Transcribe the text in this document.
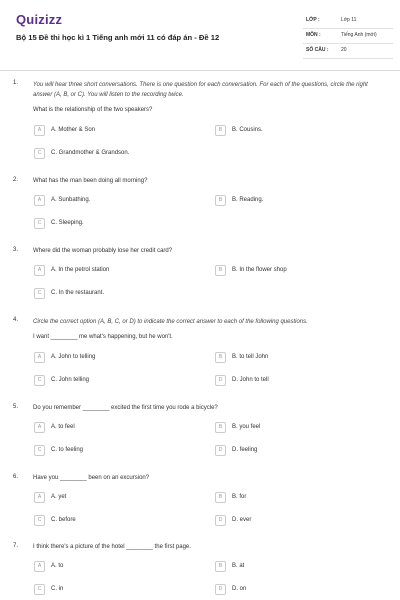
Quizizz
Bộ 15 Đề thi học kì 1 Tiếng anh mới 11 có đáp án - Đề 12
LỚP :	Lớp 11
MÔN :	Tiếng Anh (mới)
SỐ CÂU :	20
1. You will hear three short conversations. There is one question for each conversation. For each of the questions, circle the right answer (A, B, or C). You will listen to the recording twice.
What is the relationship of the two speakers?
A	A. Mother & Son	B	B. Cousins.
C	C. Grandmother & Grandson.
2. What has the man been doing all morning?
A	A. Sunbathing.	B	B. Reading.
C	C. Sleeping.
3. Where did the woman probably lose her credit card?
A	A. In the petrol station	B	B. In the flower shop
C	C. In the restaurant.
4. Circle the correct option (A, B, C, or D) to indicate the correct answer to each of the following questions.
I want ________ me what's happening, but he won't.
A	A. John to telling	B	B. to tell John
C	C. John telling	D	D. John to tell
5. Do you remember ________ excited the first time you rode a bicycle?
A	A. to feel	B	B. you feel
C	C. to feeling	D	D. feeling
6. Have you ________ been on an excursion?
A	A. yet	B	B. for
C	C. before	D	D. ever
7. I think there's a picture of the hotel ________ the first page.
A	A. to	B	B. at
C	C. in	D	D. on
